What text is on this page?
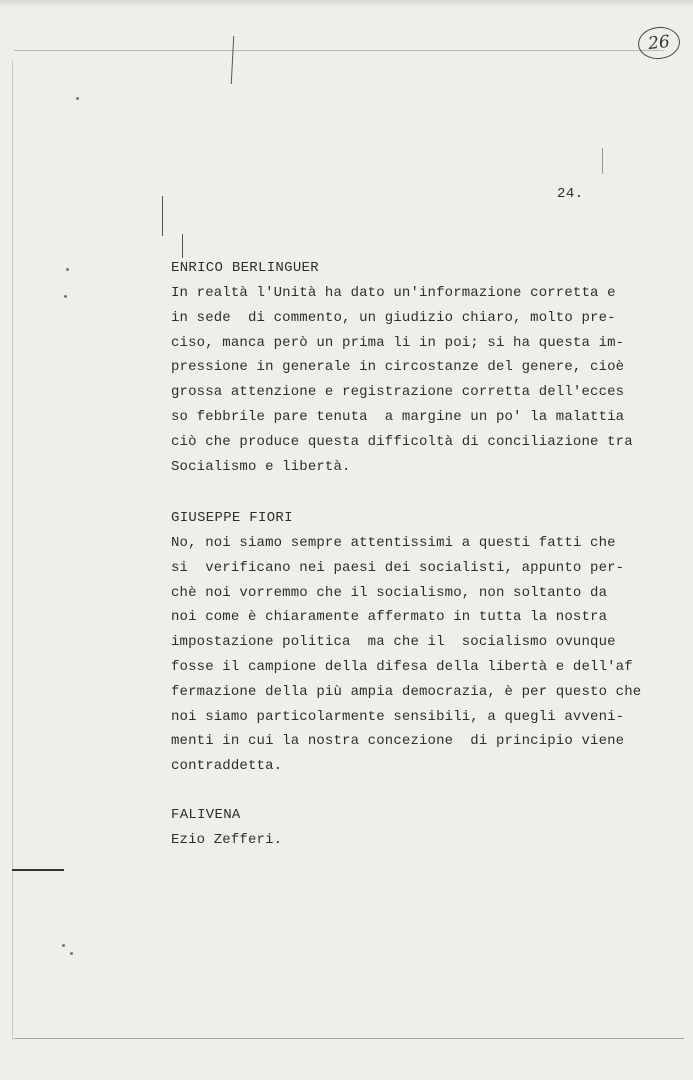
26
24.
ENRICO BERLINGUER
In realtà l'Unità ha dato un'informazione corretta e
in sede  di commento, un giudizio chiaro, molto pre-
ciso, manca però un prima li in poi; si ha questa im-
pressione in generale in circostanze del genere, cioè
grossa attenzione e registrazione corretta dell'ecces
so febbrile pare tenuta  a margine un po' la malattia
ciò che produce questa difficoltà di conciliazione tra
Socialismo e libertà.
GIUSEPPE FIORI
No, noi siamo sempre attentissimi a questi fatti che
si  verificano nei paesi dei socialisti, appunto per-
chè noi vorremmo che il socialismo, non soltanto da
noi come è chiaramente affermato in tutta la nostra
impostazione politica  ma che il  socialismo ovunque
fosse il campione della difesa della libertà e dell'af
fermazione della più ampia democrazia, è per questo che
noi siamo particolarmente sensibili, a quegli avveni-
menti in cui la nostra concezione  di principio viene
contraddetta.
FALIVENA
Ezio Zefferi.
